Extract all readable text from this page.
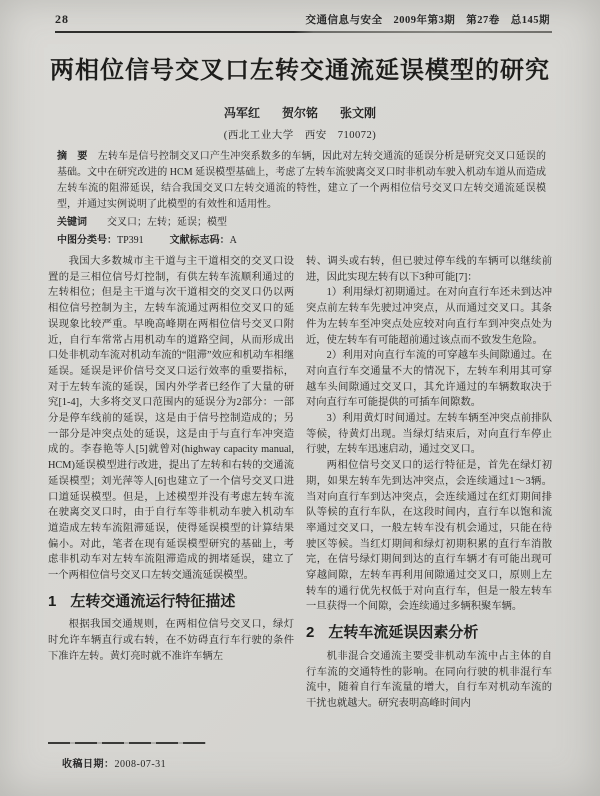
28	交通信息与安全　2009年第3期　第27卷　总145期
两相位信号交叉口左转交通流延误模型的研究
冯军红 贺尔铭 张文刚
(西北工业大学　西安　710072)

摘　要　 左转车是信号控制交叉口产生冲突系数多的车辆，因此对左转交通流的延误分析是研究交叉口延误的基础。文中在研究改进的 HCM 延误模型基础上，考虑了左转车流驶离交叉口时非机动车驶入机动车道从而造成左转车流的阻滞延误，结合我国交叉口左转交通流的特性，建立了一个两相位信号交叉口左转交通流延误模型，并通过实例说明了此模型的有效性和适用性。

关键词　　 交叉口；左转；延误；模型

中图分类号：TP391	文献标志码：A

我国大多数城市主干道与主干道相交的交叉口设置的是三相位信号灯控制，有供左转车流顺利通过的左转相位；但是主干道与次干道相交的交叉口仍以两相位信号控制为主，左转车流通过两相位交叉口的延误现象比较严重。早晚高峰期在两相位信号交叉口附近，自行车常常占用机动车的道路空间，从而形成出口处非机动车流对机动车流的“阻滞”效应和机动车相继延误。延误是评价信号交叉口运行效率的重要指标，对于左转车流的延误，国内外学者已经作了大量的研究[1-4]，大多将交叉口范围内的延误分为2部分：一部分是停车线前的延误，这是由于信号控制造成的；另一部分是冲突点处的延误，这是由于与直行车冲突造成的。李春艳等人[5]就曾对(highway capacity manual, HCM)延误模型进行改进，提出了左转和右转的交通流延误模型；刘光萍等人[6]也建立了一个信号交叉口进口道延误模型。但是，上述模型并没有考虑左转车流在驶离交叉口时，由于自行车等非机动车驶入机动车道造成左转车流阻滞延误，使得延误模型的计算结果偏小。对此，笔者在现有延误模型研究的基础上，考虑非机动车对左转车流阻滞造成的拥堵延误，建立了一个两相位信号交叉口左转交通流延误模型。

1 左转交通流运行特征描述

根据我国交通规则，在两相位信号交叉口，绿灯时允许车辆直行或右转，在不妨碍直行车行驶的条件下准许左转。黄灯亮时就不准许车辆左

转、调头或右转，但已驶过停车线的车辆可以继续前进，因此实现左转有以下3种可能[7]：

1）利用绿灯初期通过。在对向直行车还未到达冲突点前左转车先驶过冲突点，从而通过交叉口。其条件为左转车至冲突点处应较对向直行车到冲突点处为近，使左转车有可能超前通过该点而不致发生危险。

2）利用对向直行车流的可穿越车头间隙通过。在对向直行车交通量不大的情况下，左转车利用其可穿越车头间隙通过交叉口，其允许通过的车辆数取决于对向直行车可能提供的可插车间隙数。

3）利用黄灯时间通过。左转车辆至冲突点前排队等候，待黄灯出现。当绿灯结束后，对向直行车停止行驶，左转车迅速启动，通过交叉口。

两相位信号交叉口的运行特征是，首先在绿灯初期，如果左转车先到达冲突点，会连续通过1～3辆。当对向直行车到达冲突点，会连续通过在红灯期间排队等候的直行车队，在这段时间内，直行车以饱和流率通过交叉口，一般左转车没有机会通过，只能在待驶区等候。当红灯期间和绿灯初期积累的直行车消散完，在信号绿灯期间到达的直行车辆才有可能出现可穿越间隙，左转车再利用间隙通过交叉口，原则上左转车的通行优先权低于对向直行车，但是一般左转车一旦获得一个间隙，会连续通过多辆积聚车辆。

2 左转车流延误因素分析

机非混合交通流主要受非机动车流中占主体的自行车流的交通特性的影响。在同向行驶的机非混行车流中，随着自行车流量的增大，自行车对机动车流的干扰也就越大。研究表明高峰时间内

收稿日期：2008-07-31
